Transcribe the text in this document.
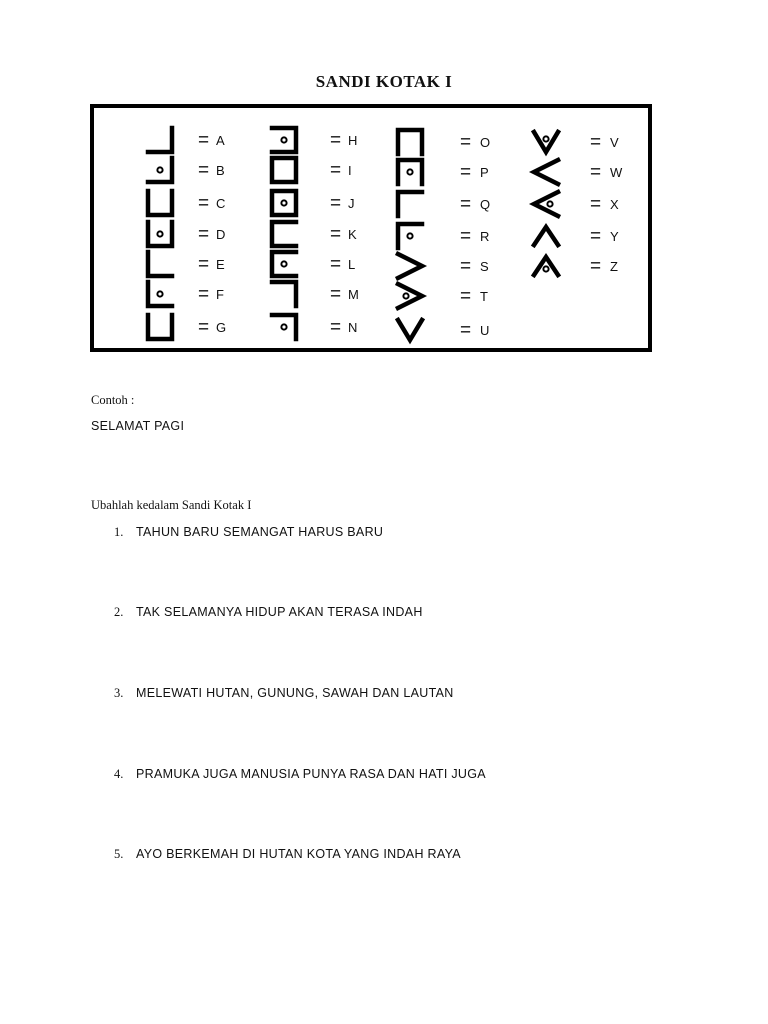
SANDI KOTAK I
= A
= B
= C
= D
= E
= F
= G
= H
= I
= J
= K
= L
= M
= N
= O
= P
= Q
= R
= S
= T
= U
= V
= W
= X
= Y
= Z
Contoh :
SELAMAT PAGI
Ubahlah kedalam Sandi Kotak I
1. TAHUN BARU SEMANGAT HARUS BARU
2. TAK SELAMANYA HIDUP AKAN TERASA INDAH
3. MELEWATI HUTAN, GUNUNG, SAWAH DAN LAUTAN
4. PRAMUKA JUGA MANUSIA PUNYA RASA DAN HATI JUGA
5. AYO BERKEMAH DI HUTAN KOTA YANG INDAH RAYA
